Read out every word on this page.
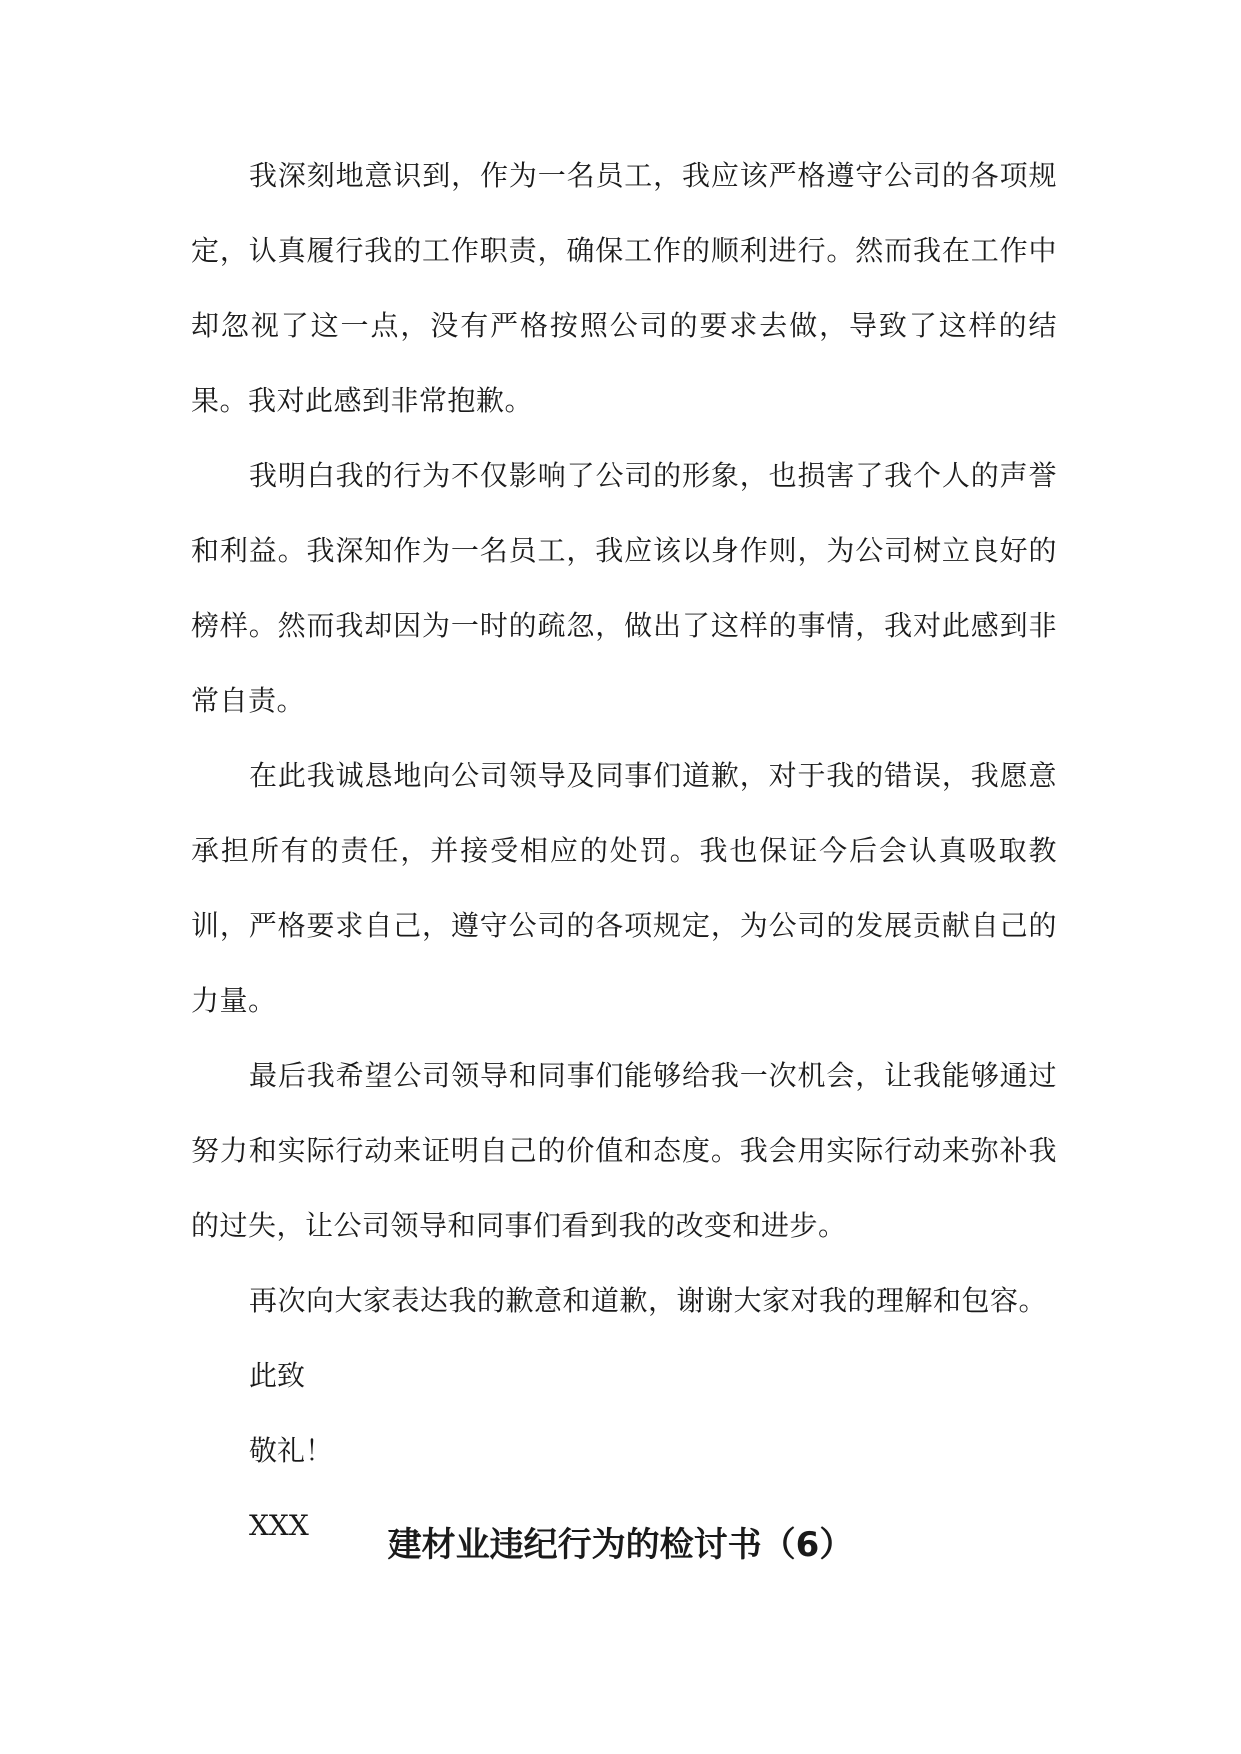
我深刻地意识到，作为一名员工，我应该严格遵守公司的各项规定，认真履行我的工作职责，确保工作的顺利进行。然而我在工作中却忽视了这一点，没有严格按照公司的要求去做，导致了这样的结果。我对此感到非常抱歉。

我明白我的行为不仅影响了公司的形象，也损害了我个人的声誉和利益。我深知作为一名员工，我应该以身作则，为公司树立良好的榜样。然而我却因为一时的疏忽，做出了这样的事情，我对此感到非常自责。

在此我诚恳地向公司领导及同事们道歉，对于我的错误，我愿意承担所有的责任，并接受相应的处罚。我也保证今后会认真吸取教训，严格要求自己，遵守公司的各项规定，为公司的发展贡献自己的力量。

最后我希望公司领导和同事们能够给我一次机会，让我能够通过努力和实际行动来证明自己的价值和态度。我会用实际行动来弥补我的过失，让公司领导和同事们看到我的改变和进步。

再次向大家表达我的歉意和道歉，谢谢大家对我的理解和包容。

此致

敬礼！

XXX	建材业违纪行为的检讨书（6）
